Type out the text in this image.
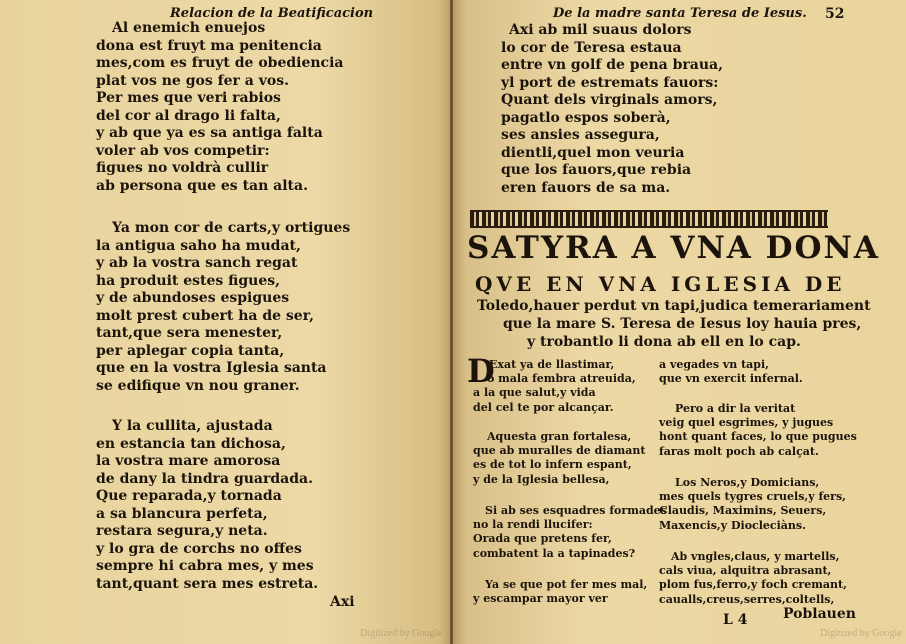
Relacion de la Beatificacion
Al enemich enuejos
dona est fruyt ma penitencia
mes,com es fruyt de obediencia
plat vos ne gos fer a vos.
Per mes que veri rabios
del cor al drago li falta,
y ab que ya es sa antiga falta
voler ab vos competir:
figues no voldrà cullir
ab persona que es tan alta.
Ya mon cor de carts,y ortigues
la antigua saho ha mudat,
y ab la vostra sanch regat
ha produit estes figues,
y de abundoses espigues
molt prest cubert ha de ser,
tant,que sera menester,
per aplegar copia tanta,
que en la vostra Iglesia santa
se edifique vn nou graner.
Y la cullita, ajustada
en estancia tan dichosa,
la vostra mare amorosa
de dany la tindra guardada.
Que reparada,y tornada
a sa blancura perfeta,
restara segura,y neta.
y lo gra de corchs no offes
sempre hi cabra mes, y mes
tant,quant sera mes estreta.
Axi
De la madre santa Teresa de Iesus. 52
Axi ab mil suaus dolors
lo cor de Teresa estaua
entre vn golf de pena braua,
yl port de estremats fauors:
Quant dels virginals amors,
pagatlo espos soberà,
ses ansies assegura,
dientli,quel mon veuria
que los fauors,que rebia
eren fauors de sa ma.
SATYRA A VNA DONA
QVE EN VNA IGLESIA DE
Toledo,hauer perdut vn tapi,judica temerariament
que la mare S. Teresa de Iesus loy hauia pres,
y trobantlo li dona ab ell en lo cap.
D
Exat ya de llastimar,
o mala fembra atreuida,
a la que salut,y vida
del cel te por alcançar.
Aquesta gran fortalesa,
que ab muralles de diamant
es de tot lo infern espant,
y de la Iglesia bellesa,
Si ab ses esquadres formades
no la rendi llucifer:
Orada que pretens fer,
combatent la a tapinades?
Ya se que pot fer mes mal,
y escampar mayor ver
a vegades vn tapi,
que vn exercit infernal.
Pero a dir la veritat
veig quel esgrimes, y jugues
hont quant faces, lo que pugues
faras molt poch ab calçat.
Los Neros,y Domicians,
mes quels tygres cruels,y fers,
Claudis, Maximins, Seuers,
Maxencis,y Diocleciàns.
Ab vngles,claus, y martells,
cals viua, alquitra abrasant,
plom fus,ferro,y foch cremant,
caualls,creus,serres,coltells,
L 4	Poblauen
Digitized by Google	Digitized by Google
